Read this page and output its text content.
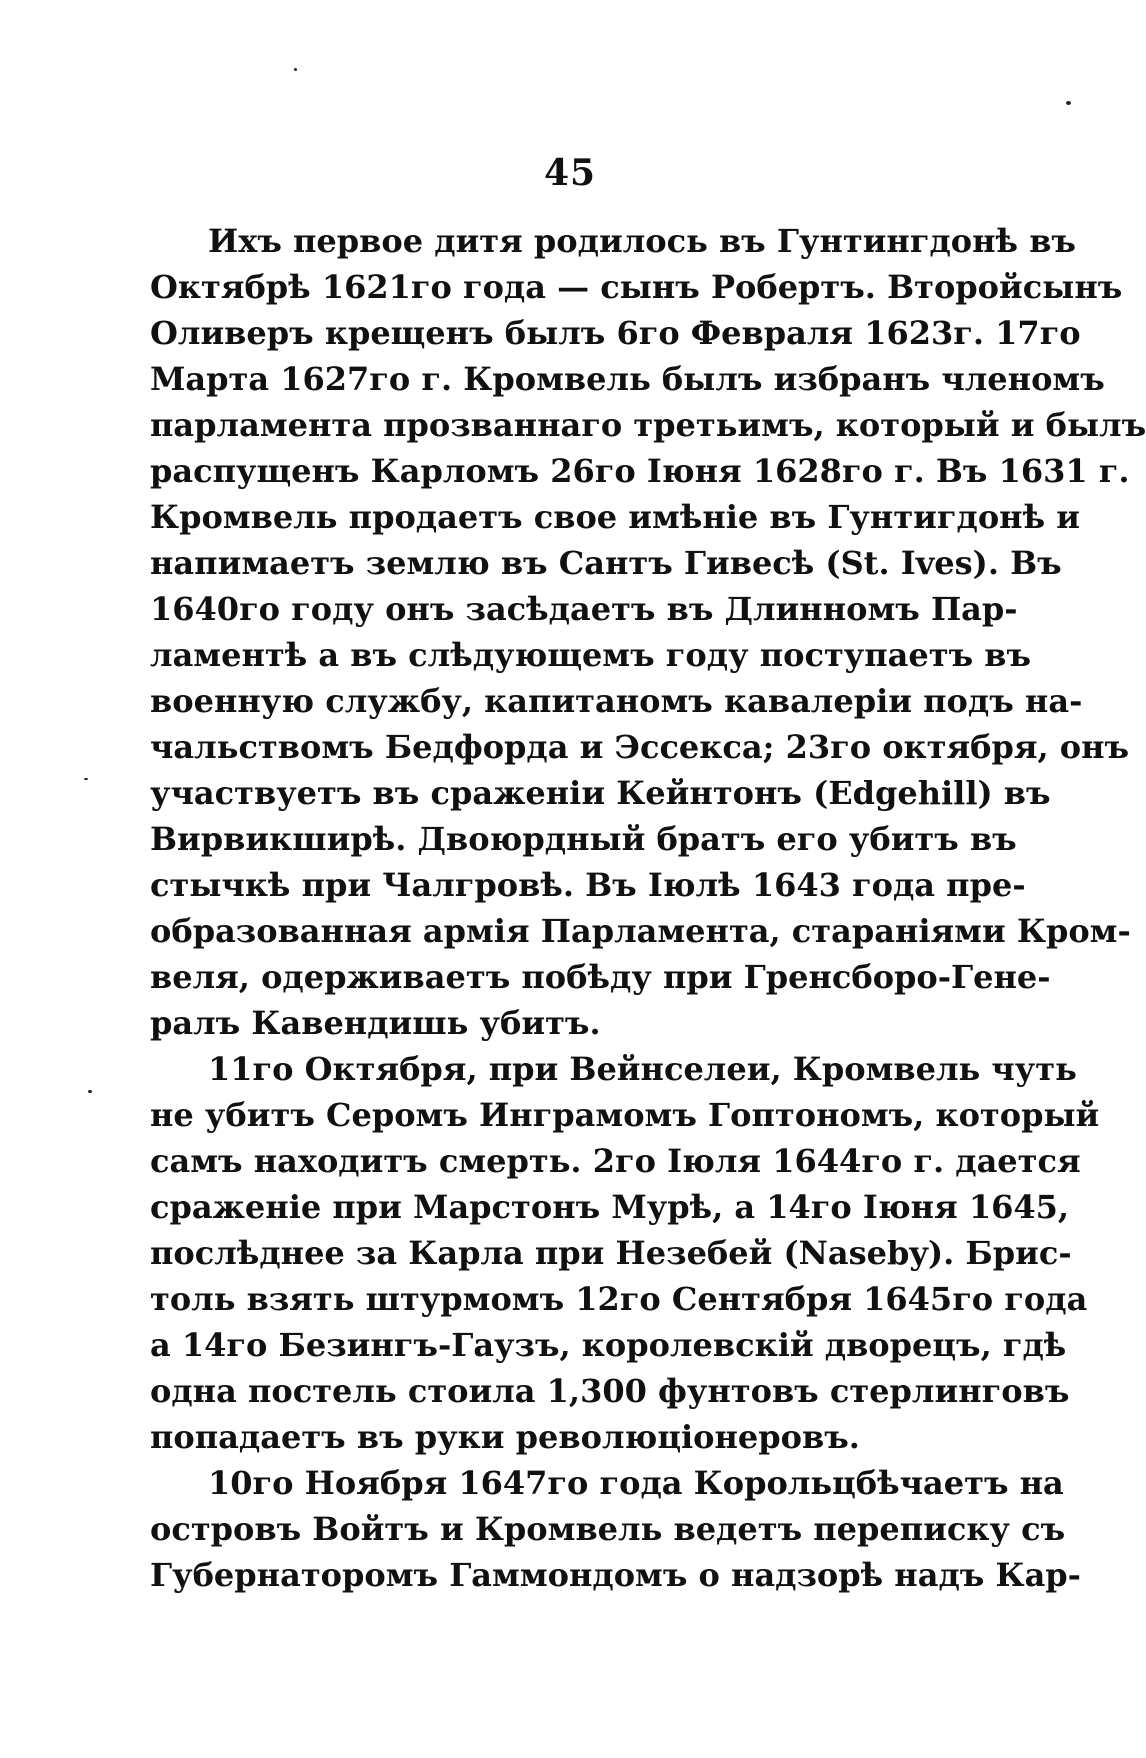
45
Ихъ первое дитя родилось въ Гунтингдонѣ въ
Октябрѣ 1621го года — сынъ Робертъ. Второйсынъ
Оливеръ крещенъ былъ 6го Февраля 1623г. 17го
Марта 1627го г. Кромвель былъ избранъ членомъ
парламента прозваннаго третьимъ, который и былъ
распущенъ Карломъ 26го Іюня 1628го г. Въ 1631 г.
Кромвель продаетъ свое имѣніе въ Гунтигдонѣ и
напимаетъ землю въ Сантъ Гивесѣ (St. Ives). Въ
1640го году онъ засѣдаетъ въ Длинномъ Пар-
ламентѣ а въ слѣдующемъ году поступаетъ въ
военную службу, капитаномъ кавалеріи подъ на-
чальствомъ Бедфорда и Эссекса; 23го октября, онъ
участвуетъ въ сраженіи Кейнтонъ (Edgehill) въ
Вирвикширѣ. Двоюрдный братъ его убитъ въ
стычкѣ при Чалгровѣ. Въ Іюлѣ 1643 года пре-
образованная армія Парламента, стараніями Кром-
веля, одерживаетъ побѣду при Гренсборо-Гене-
ралъ Кавендишь убитъ.
11го Октября, при Вейнселеи, Кромвель чуть
не убитъ Серомъ Инграмомъ Гоптономъ, который
самъ находитъ смерть. 2го Іюля 1644го г. дается
сраженіе при Марстонъ Мурѣ, а 14го Іюня 1645,
послѣднее за Карла при Незебей (Naseby). Брис-
толь взять штурмомъ 12го Сентября 1645го года
а 14го Безингъ-Гаузъ, королевскій дворецъ, гдѣ
одна постель стоила 1,300 фунтовъ стерлинговъ
попадаетъ въ руки революціонеровъ.
10го Ноября 1647го года Корольцбѣчаетъ на
островъ Войтъ и Кромвель ведетъ переписку съ
Губернаторомъ Гаммондомъ о надзорѣ надъ Кар-
